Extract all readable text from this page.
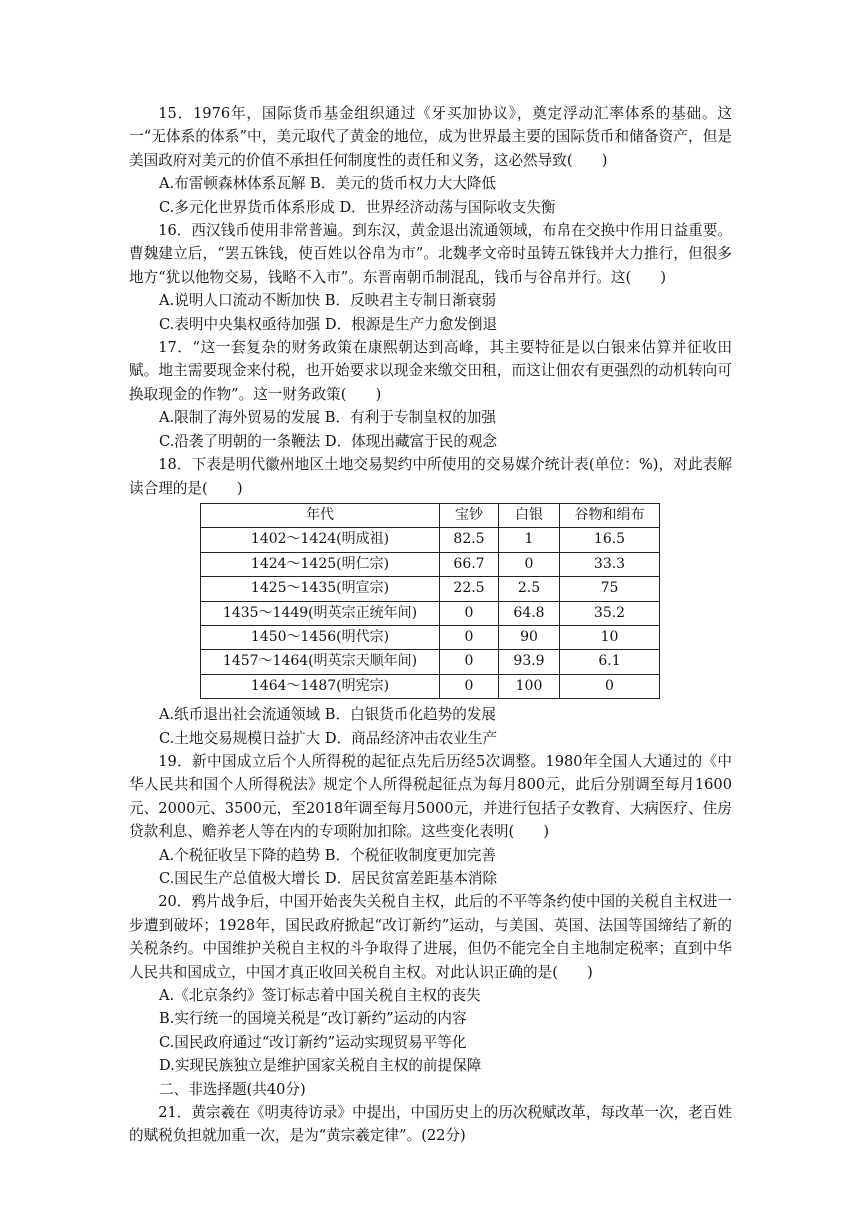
15．1976年，国际货币基金组织通过《牙买加协议》，奠定浮动汇率体系的基础。这一“无体系的体系”中，美元取代了黄金的地位，成为世界最主要的国际货币和储备资产，但是美国政府对美元的价值不承担任何制度性的责任和义务，这必然导致(　　)

A.布雷顿森林体系瓦解 B．美元的货币权力大大降低

C.多元化世界货币体系形成 D．世界经济动荡与国际收支失衡

16．西汉钱币使用非常普遍。到东汉，黄金退出流通领域，布帛在交换中作用日益重要。曹魏建立后，“罢五铢钱，使百姓以谷帛为市”。北魏孝文帝时虽铸五铢钱并大力推行，但很多地方“犹以他物交易，钱略不入市”。东晋南朝币制混乱，钱币与谷帛并行。这(　　)

A.说明人口流动不断加快 B．反映君主专制日渐衰弱

C.表明中央集权亟待加强 D．根源是生产力愈发倒退

17．“这一套复杂的财务政策在康熙朝达到高峰，其主要特征是以白银来估算并征收田赋。地主需要现金来付税，也开始要求以现金来缴交田租，而这让佃农有更强烈的动机转向可换取现金的作物”。这一财务政策(　　)

A.限制了海外贸易的发展 B．有利于专制皇权的加强

C.沿袭了明朝的一条鞭法 D．体现出藏富于民的观念

18．下表是明代徽州地区土地交易契约中所使用的交易媒介统计表(单位：%)，对此表解读合理的是(　　)

年代	宝钞	白银	谷物和绢布
1402～1424(明成祖)	82.5	1	16.5
1424～1425(明仁宗)	66.7	0	33.3
1425～1435(明宣宗)	22.5	2.5	75
1435～1449(明英宗正统年间)	0	64.8	35.2
1450～1456(明代宗)	0	90	10
1457～1464(明英宗天顺年间)	0	93.9	6.1
1464～1487(明宪宗)	0	100	0

A.纸币退出社会流通领域 B．白银货币化趋势的发展

C.土地交易规模日益扩大 D．商品经济冲击农业生产

19．新中国成立后个人所得税的起征点先后历经5次调整。1980年全国人大通过的《中华人民共和国个人所得税法》规定个人所得税起征点为每月800元，此后分别调至每月1600元、2000元、3500元，至2018年调至每月5000元，并进行包括子女教育、大病医疗、住房贷款利息、赡养老人等在内的专项附加扣除。这些变化表明(　　)

A.个税征收呈下降的趋势 B．个税征收制度更加完善

C.国民生产总值极大增长 D．居民贫富差距基本消除

20．鸦片战争后，中国开始丧失关税自主权，此后的不平等条约使中国的关税自主权进一步遭到破坏；1928年，国民政府掀起“改订新约”运动，与美国、英国、法国等国缔结了新的关税条约。中国维护关税自主权的斗争取得了进展，但仍不能完全自主地制定税率；直到中华人民共和国成立，中国才真正收回关税自主权。对此认识正确的是(　　)

A.《北京条约》签订标志着中国关税自主权的丧失

B.实行统一的国境关税是“改订新约”运动的内容

C.国民政府通过“改订新约”运动实现贸易平等化

D.实现民族独立是维护国家关税自主权的前提保障

二、非选择题(共40分)

21．黄宗羲在《明夷待访录》中提出，中国历史上的历次税赋改革，每改革一次，老百姓的赋税负担就加重一次，是为“黄宗羲定律”。(22分)
